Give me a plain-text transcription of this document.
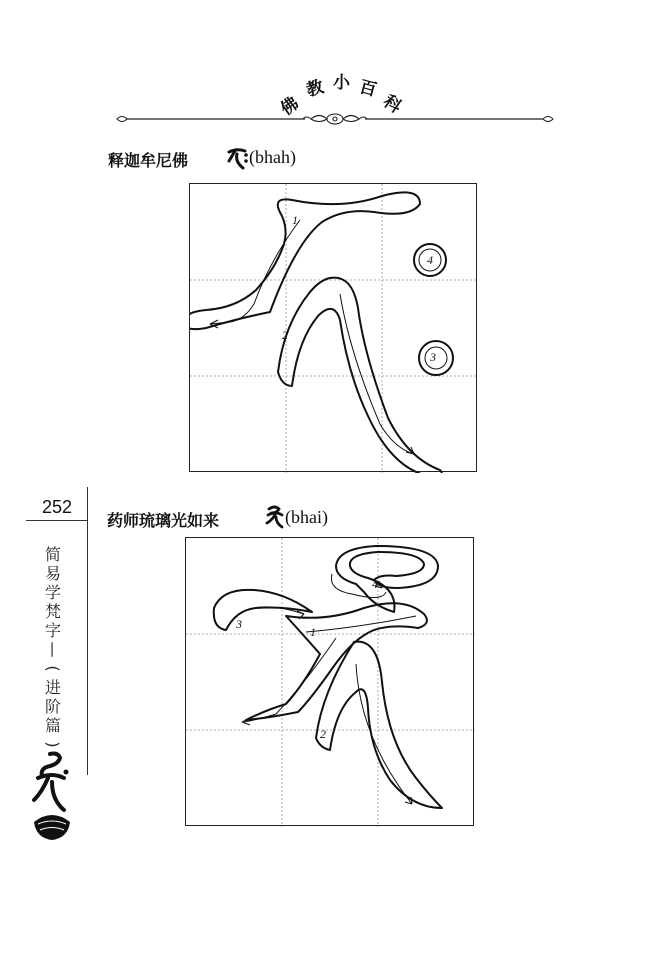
佛
教 小 百
科
释迦牟尼佛	(bhah)
1
2
3
4
252
简
易
学
梵
字
—
(
进
阶
篇
)
药师琉璃光如来	(bhai)
1
2
3
4
